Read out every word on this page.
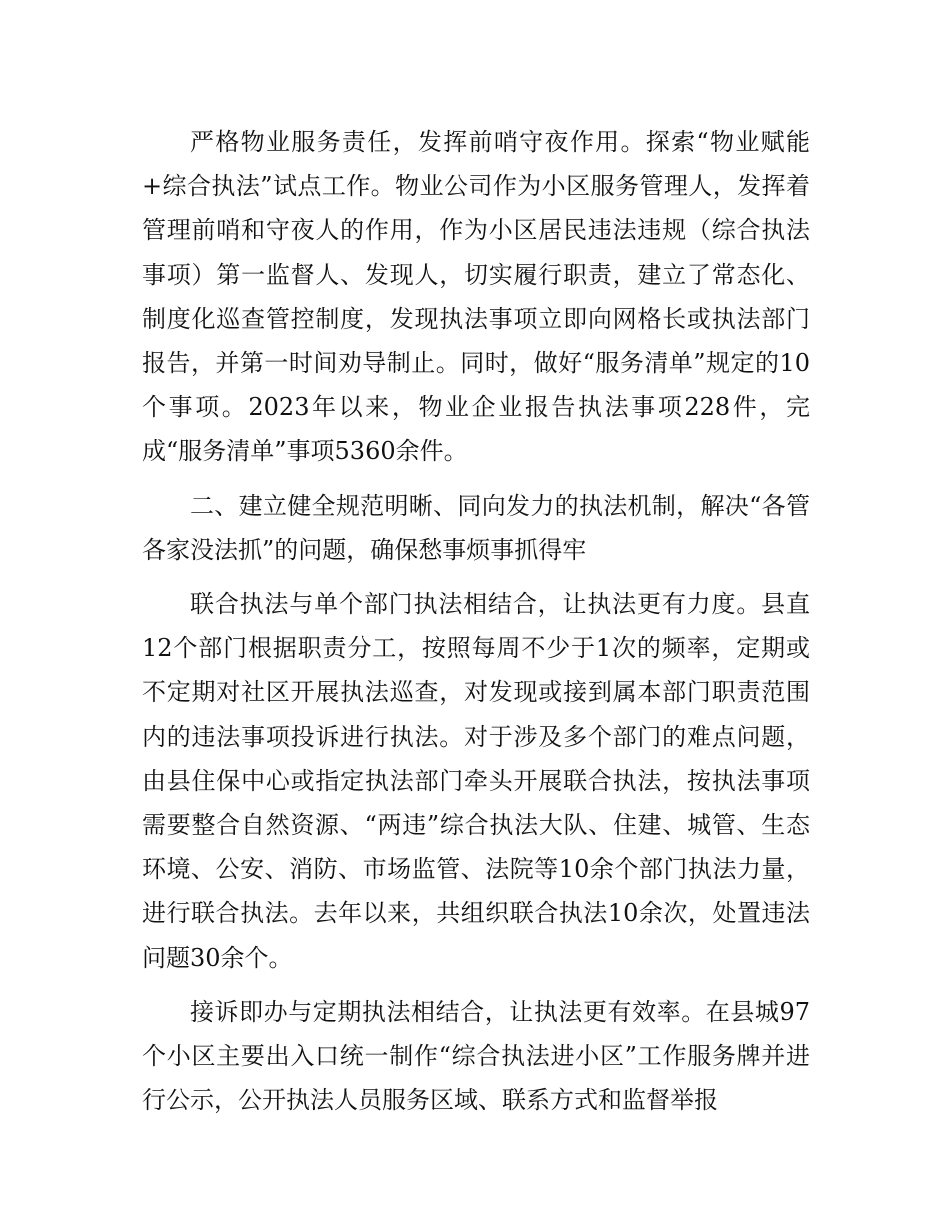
严格物业服务责任，发挥前哨守夜作用。探索“物业赋能+综合执法”试点工作。物业公司作为小区服务管理人，发挥着管理前哨和守夜人的作用，作为小区居民违法违规（综合执法事项）第一监督人、发现人，切实履行职责，建立了常态化、制度化巡查管控制度，发现执法事项立即向网格长或执法部门报告，并第一时间劝导制止。同时，做好“服务清单”规定的10个事项。2023年以来，物业企业报告执法事项228件，完成“服务清单”事项5360余件。

二、建立健全规范明晰、同向发力的执法机制，解决“各管各家没法抓”的问题，确保愁事烦事抓得牢

联合执法与单个部门执法相结合，让执法更有力度。县直12个部门根据职责分工，按照每周不少于1次的频率，定期或不定期对社区开展执法巡查，对发现或接到属本部门职责范围内的违法事项投诉进行执法。对于涉及多个部门的难点问题，由县住保中心或指定执法部门牵头开展联合执法，按执法事项需要整合自然资源、“两违”综合执法大队、住建、城管、生态环境、公安、消防、市场监管、法院等10余个部门执法力量，进行联合执法。去年以来，共组织联合执法10余次，处置违法问题30余个。

接诉即办与定期执法相结合，让执法更有效率。在县城97个小区主要出入口统一制作“综合执法进小区”工作服务牌并进行公示，公开执法人员服务区域、联系方式和监督举报
